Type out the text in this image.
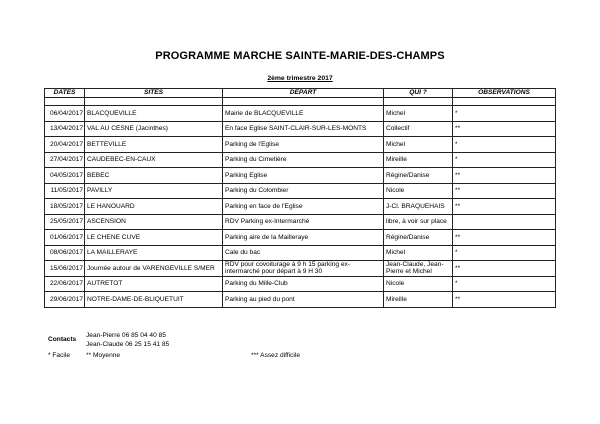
PROGRAMME MARCHE SAINTE-MARIE-DES-CHAMPS
2ème trimestre 2017
DATES	SITES	DÉPART	QUI ?	OBSERVATIONS

06/04/2017	BLACQUEVILLE	Mairie de BLACQUEVILLE	Michel	*
13/04/2017	VAL AU CESNE (Jacinthes)	En face Eglise SAINT-CLAIR-SUR-LES-MONTS	Collectif	**
20/04/2017	BETTEVILLE	Parking de l'Eglise	Michel	*
27/04/2017	CAUDEBEC-EN-CAUX	Parking du Cimetière	Mireille	*
04/05/2017	BEBEC	Parking Eglise	Régine/Danise	**
11/05/2017	PAVILLY	Parking du Colombier	Nicole	**
18/05/2017	LE HANOUARD	Parking en face de l'Eglise	J-Cl. BRAQUEHAIS	**
25/05/2017	ASCENSION	RDV Parking ex-Intermarché	libre, à voir sur place	
01/06/2017	LE CHENE CUVE	Parking aire de la Mailleraye	Régine/Danise	**
08/06/2017	LA MAILLERAYE	Cale du bac	Michel	*
15/06/2017	Journée autour de VARENGEVILLE S/MER	RDV pour covoiturage à 9 h 15 parking ex-intermarché pour départ à 9 H 30	Jean-Claude, Jean-Pierre et Michel	**
22/06/2017	AUTRETOT	Parking du Mille-Club	Nicole	*
29/06/2017	NOTRE-DAME-DE-BLIQUETUIT	Parking au pied du pont	Mireille	**
Contacts
Jean-Pierre 06 85 04 40 85
Jean-Claude 06 25 15 41 85
* Facile ** Moyenne	*** Assez difficile
